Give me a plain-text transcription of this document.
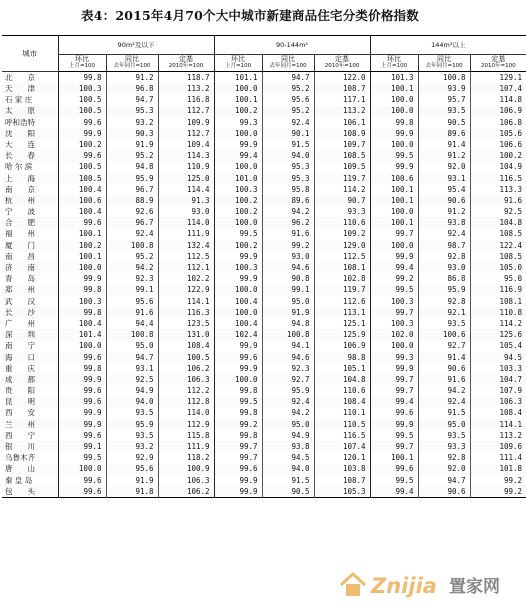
表4：2015年4月70个大中城市新建商品住宅分类价格指数
城市	90m²及以下			90-144m²			144m²以上		
	环比	同比	定基	环比	同比	定基	环比	同比	定基
	上月=100	去年同月=100	2010年=100	上月=100	去年同月=100	2010年=100	上月=100	去年同月=100	2010年=100
北　　京	99.8	91.2	118.7	101.1	94.7	122.0	101.3	100.8	129.1
天　　津	100.3	96.8	113.2	100.0	95.2	108.7	100.1	93.9	107.4
石 家 庄	100.5	94.7	116.8	100.1	95.6	117.1	100.0	95.7	114.8
太　　原	100.5	95.3	112.7	100.2	95.2	113.2	100.0	93.5	106.9
呼和浩特	99.6	93.2	109.9	99.3	92.4	106.1	99.8	90.5	106.8
沈　　阳	99.9	90.3	112.7	100.0	90.1	108.9	99.9	89.6	105.6
大　　连	100.2	91.9	109.4	99.9	91.5	109.7	100.0	91.4	106.6
长　　春	99.6	95.2	114.3	99.4	94.0	108.5	99.5	91.2	100.2
哈 尔 滨	100.5	94.8	110.9	100.0	95.3	109.5	99.9	92.0	104.9
上　　海	100.5	95.9	125.0	101.0	95.3	119.7	100.6	93.1	116.5
南　　京	100.4	96.7	114.4	100.3	95.8	114.2	100.1	95.4	113.3
杭　　州	100.6	88.9	91.3	100.2	89.6	90.7	100.1	90.6	91.6
宁　　波	100.4	92.6	93.0	100.2	94.2	93.3	100.0	91.2	92.5
合　　肥	99.6	96.7	114.0	100.0	96.2	110.6	100.1	93.8	104.8
福　　州	100.1	92.4	111.9	99.5	91.6	109.2	99.7	92.4	108.5
厦　　门	100.2	100.8	132.4	100.2	99.2	129.0	100.0	98.7	122.4
南　　昌	100.1	95.2	112.5	99.9	93.0	112.5	99.9	92.8	108.5
济　　南	100.0	94.2	112.1	100.3	94.6	108.1	99.4	93.0	105.0
青　　岛	99.9	92.3	102.2	99.9	90.8	102.8	99.2	86.8	95.0
郑　　州	99.8	99.1	122.9	100.0	99.1	119.7	99.5	95.9	116.9
武　　汉	100.3	95.6	114.1	100.4	95.0	112.6	100.3	92.8	108.1
长　　沙	99.8	91.6	116.3	100.0	91.9	113.1	99.7	92.1	110.8
广　　州	100.4	94.4	123.5	100.4	94.8	125.1	100.3	93.5	114.2
深　　圳	101.4	100.8	131.0	102.4	100.8	125.9	102.0	100.6	125.6
南　　宁	100.0	95.0	108.4	99.9	94.1	106.9	100.0	92.7	105.4
海　　口	99.6	94.7	100.5	99.6	94.6	98.8	99.3	91.4	94.5
重　　庆	99.8	93.1	106.2	99.9	92.3	105.1	99.9	90.6	103.3
成　　都	99.9	92.5	106.3	100.0	92.7	104.8	99.7	91.6	104.7
贵　　阳	99.6	94.9	112.2	99.8	95.9	110.6	99.7	94.2	107.9
昆　　明	99.6	94.0	112.8	99.5	92.4	108.4	99.4	92.4	106.3
西　　安	99.9	93.5	114.0	99.8	94.2	110.1	99.6	91.5	108.4
兰　　州	99.9	95.9	112.9	99.2	95.0	110.5	99.9	95.0	114.1
西　　宁	99.6	93.5	115.8	99.8	94.9	116.5	99.5	93.5	113.2
银　　川	99.1	93.2	111.9	99.7	93.8	107.4	99.7	93.3	109.6
乌鲁木齐	99.5	92.9	118.2	99.7	94.5	120.1	100.1	92.8	111.4
唐　　山	100.0	95.6	100.9	99.6	94.0	103.8	99.6	92.0	101.8
秦 皇 岛	99.6	91.9	106.3	99.9	91.5	108.7	99.5	94.7	99.2
包　　头	99.6	91.8	106.2	99.9	90.5	105.3	99.4	90.6	99.2
Znijia 置家网
